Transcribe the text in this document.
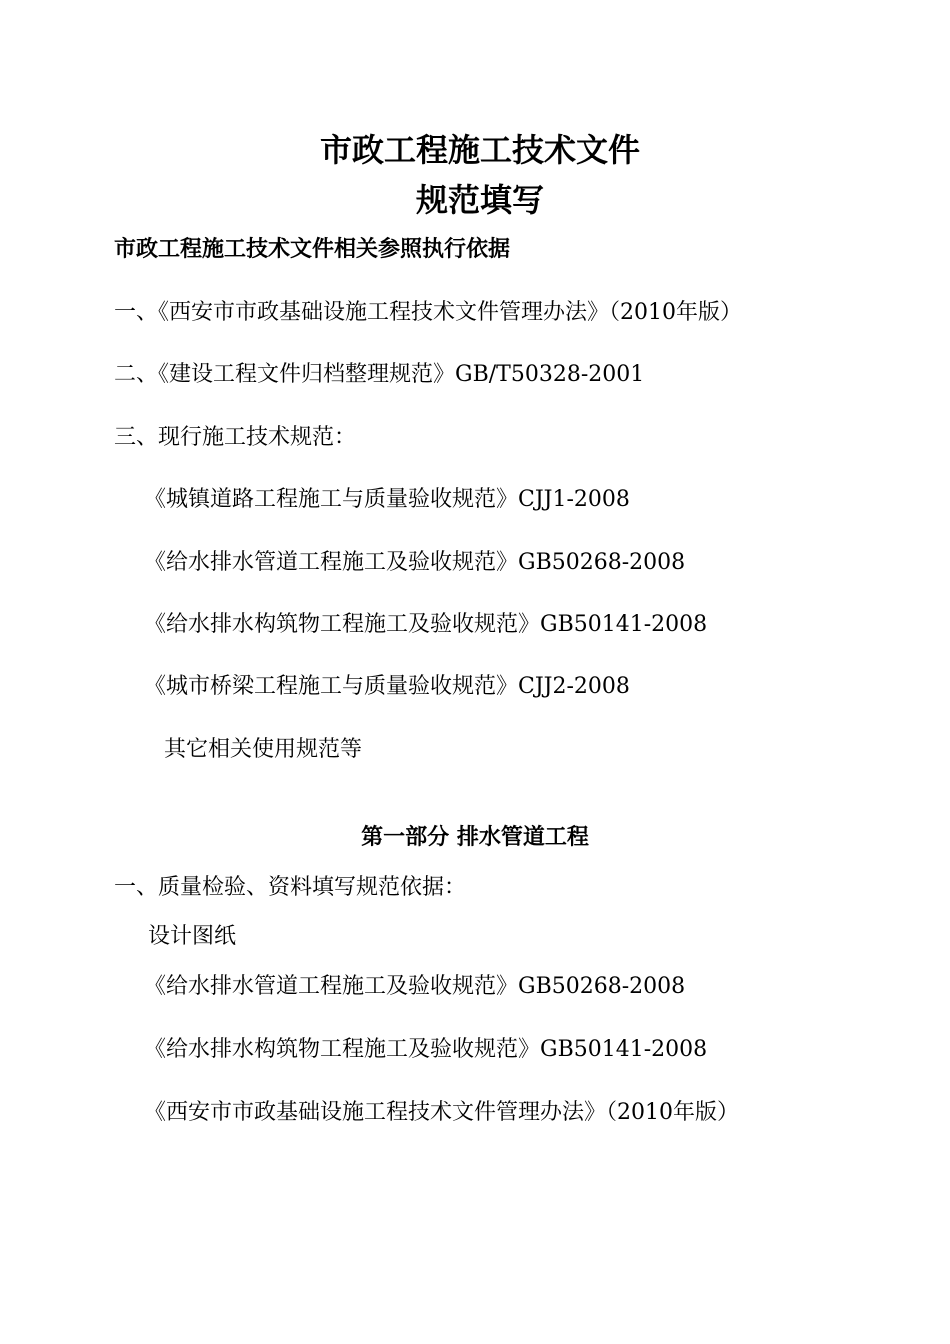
市政工程施工技术文件
规范填写
市政工程施工技术文件相关参照执行依据
一、《西安市市政基础设施工程技术文件管理办法》（2010年版）
二、《建设工程文件归档整理规范》GB/T50328-2001
三、现行施工技术规范：
《城镇道路工程施工与质量验收规范》CJJ1-2008
《给水排水管道工程施工及验收规范》GB50268-2008
《给水排水构筑物工程施工及验收规范》GB50141-2008
《城市桥梁工程施工与质量验收规范》CJJ2-2008
其它相关使用规范等
第一部分 排水管道工程
一、质量检验、资料填写规范依据：
设计图纸
《给水排水管道工程施工及验收规范》GB50268-2008
《给水排水构筑物工程施工及验收规范》GB50141-2008
《西安市市政基础设施工程技术文件管理办法》（2010年版）
